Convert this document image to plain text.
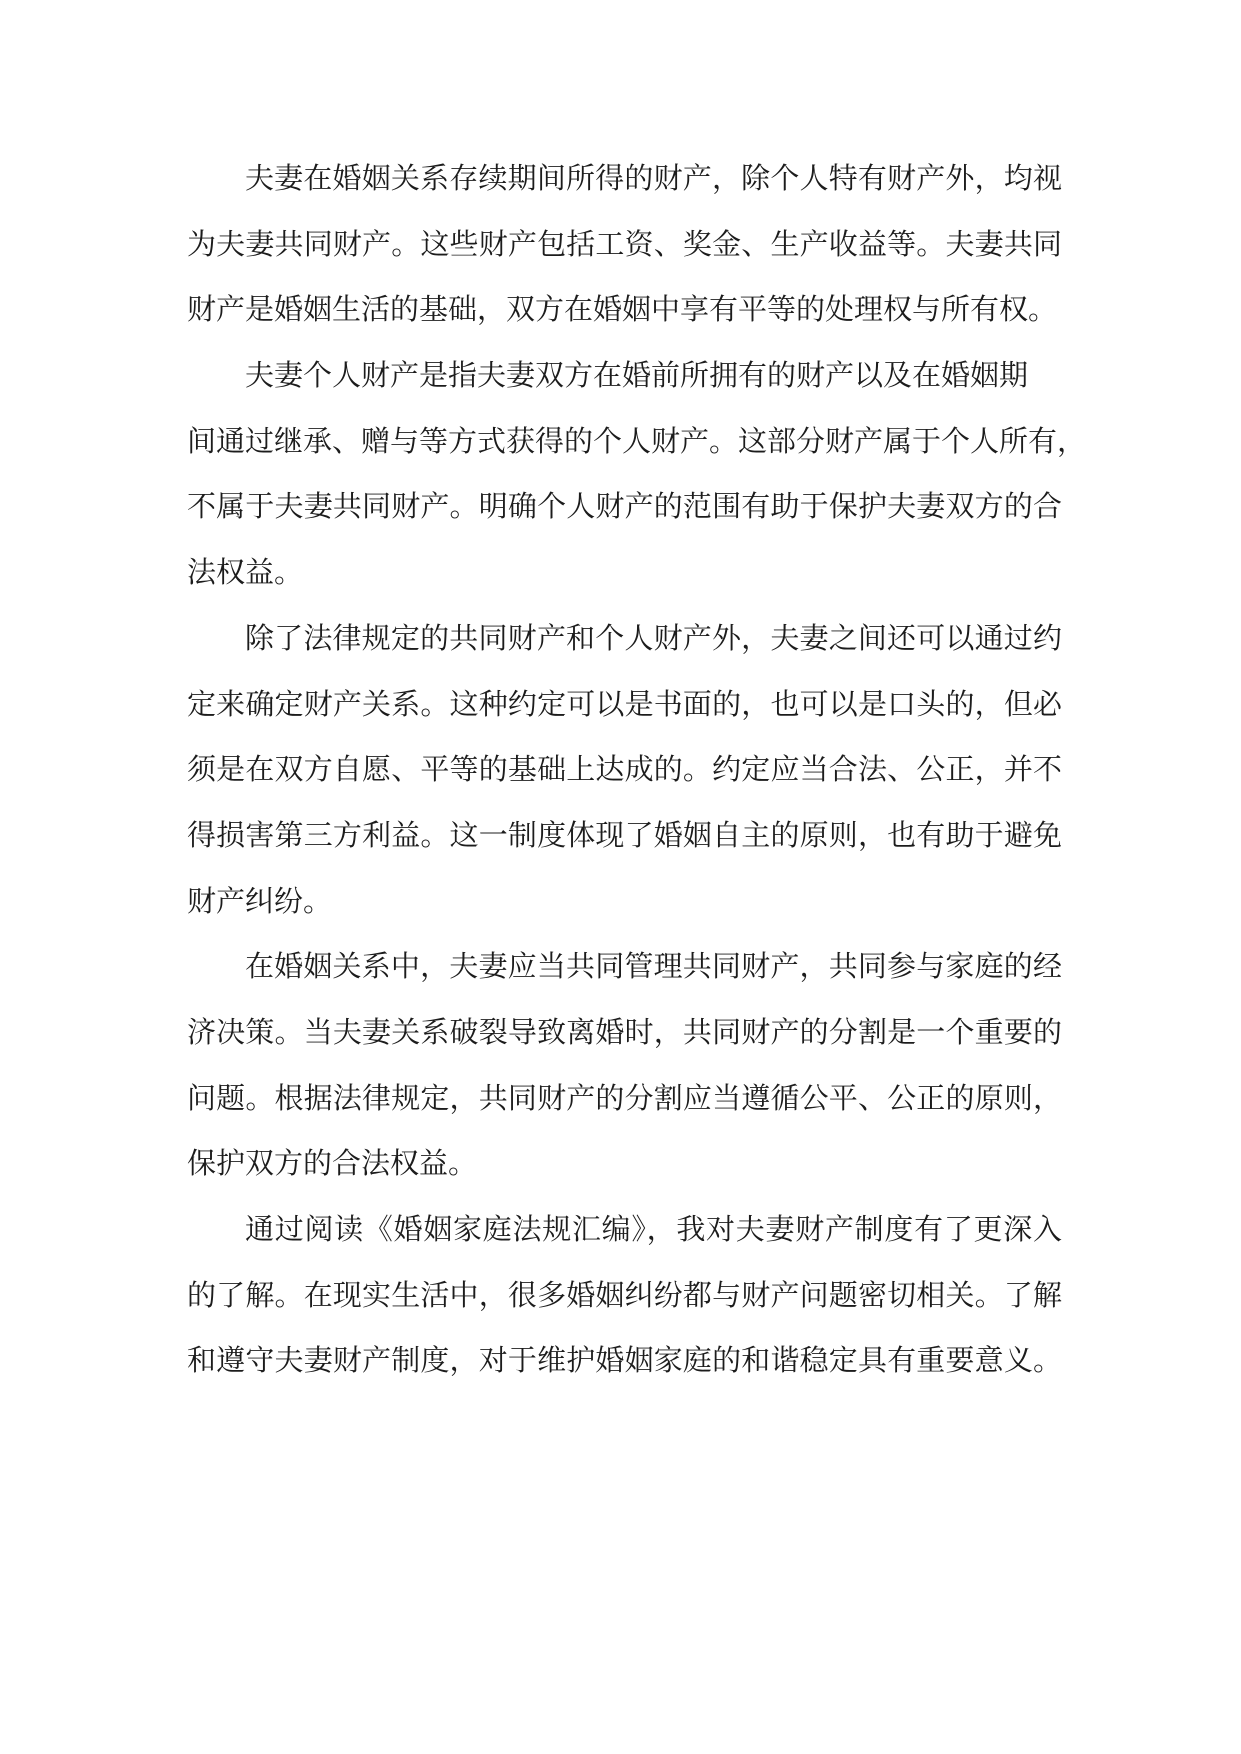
夫妻在婚姻关系存续期间所得的财产，除个人特有财产外，均视
为夫妻共同财产。这些财产包括工资、奖金、生产收益等。夫妻共同
财产是婚姻生活的基础，双方在婚姻中享有平等的处理权与所有权。
夫妻个人财产是指夫妻双方在婚前所拥有的财产以及在婚姻期
间通过继承、赠与等方式获得的个人财产。这部分财产属于个人所有，
不属于夫妻共同财产。明确个人财产的范围有助于保护夫妻双方的合
法权益。
除了法律规定的共同财产和个人财产外，夫妻之间还可以通过约
定来确定财产关系。这种约定可以是书面的，也可以是口头的，但必
须是在双方自愿、平等的基础上达成的。约定应当合法、公正，并不
得损害第三方利益。这一制度体现了婚姻自主的原则，也有助于避免
财产纠纷。
在婚姻关系中，夫妻应当共同管理共同财产，共同参与家庭的经
济决策。当夫妻关系破裂导致离婚时，共同财产的分割是一个重要的
问题。根据法律规定，共同财产的分割应当遵循公平、公正的原则，
保护双方的合法权益。
通过阅读《婚姻家庭法规汇编》，我对夫妻财产制度有了更深入
的了解。在现实生活中，很多婚姻纠纷都与财产问题密切相关。了解
和遵守夫妻财产制度，对于维护婚姻家庭的和谐稳定具有重要意义。
